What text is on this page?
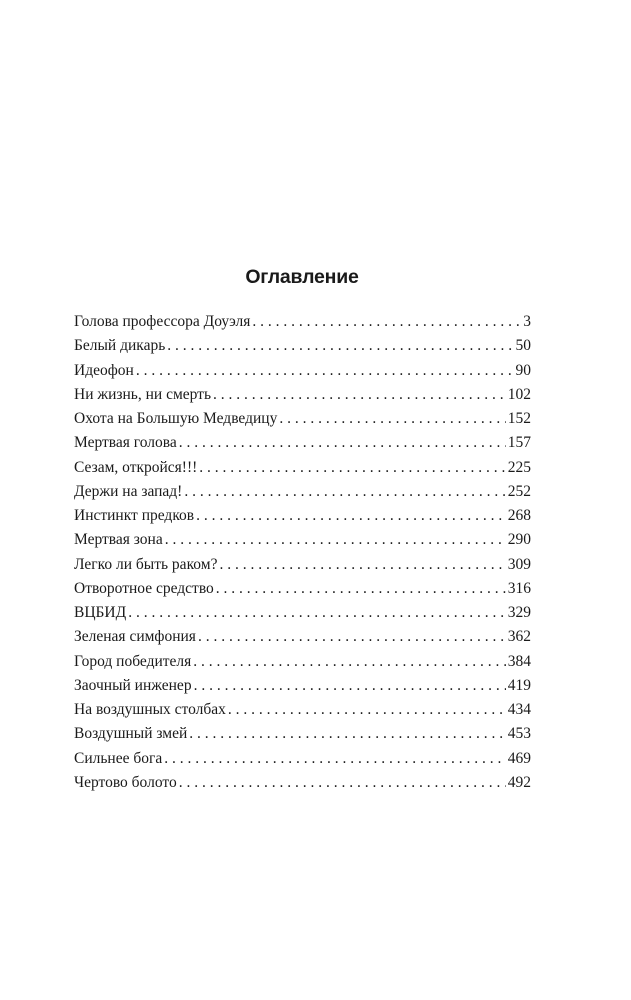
Оглавление
Голова профессора Доуэля . . .	3
Белый дикарь . . .	50
Идеофон . . .	90
Ни жизнь, ни смерть . . .	102
Охота на Большую Медведицу . . .	152
Мертвая голова . . .	157
Сезам, откройся!!! . . .	225
Держи на запад! . . .	252
Инстинкт предков . . .	268
Мертвая зона . . .	290
Легко ли быть раком? . . .	309
Отворотное средство . . .	316
ВЦБИД . . .	329
Зеленая симфония . . .	362
Город победителя . . .	384
Заочный инженер . . .	419
На воздушных столбах . . .	434
Воздушный змей . . .	453
Сильнее бога . . .	469
Чертово болото . . .	492
